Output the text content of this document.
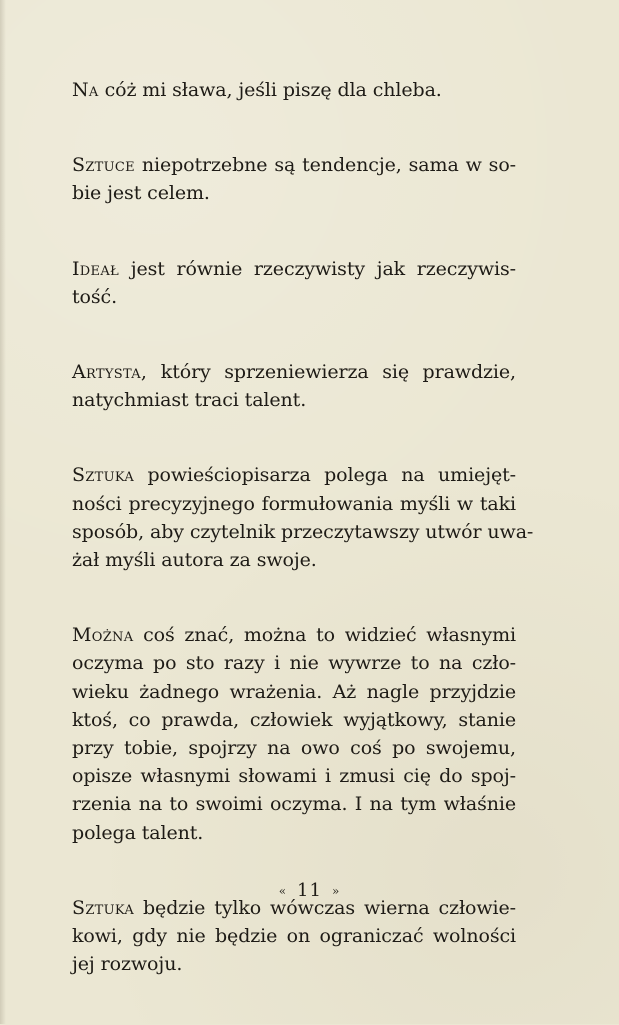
Na cóż mi sława, jeśli piszę dla chleba.

Sztuce niepotrzebne są tendencje, sama w so-
bie jest celem.

Ideał jest równie rzeczywisty jak rzeczywis-
tość.

Artysta, który sprzeniewierza się prawdzie,
natychmiast traci talent.

Sztuka powieściopisarza polega na umiejęt-
ności precyzyjnego formułowania myśli w taki
sposób, aby czytelnik przeczytawszy utwór uwa-
żał myśli autora za swoje.

Można coś znać, można to widzieć własnymi
oczyma po sto razy i nie wywrze to na czło-
wieku żadnego wrażenia. Aż nagle przyjdzie
ktoś, co prawda, człowiek wyjątkowy, stanie
przy tobie, spojrzy na owo coś po swojemu,
opisze własnymi słowami i zmusi cię do spoj-
rzenia na to swoimi oczyma. I na tym właśnie
polega talent.

Sztuka będzie tylko wówczas wierna człowie-
kowi, gdy nie będzie on ograniczać wolności
jej rozwoju.

« 11 »
